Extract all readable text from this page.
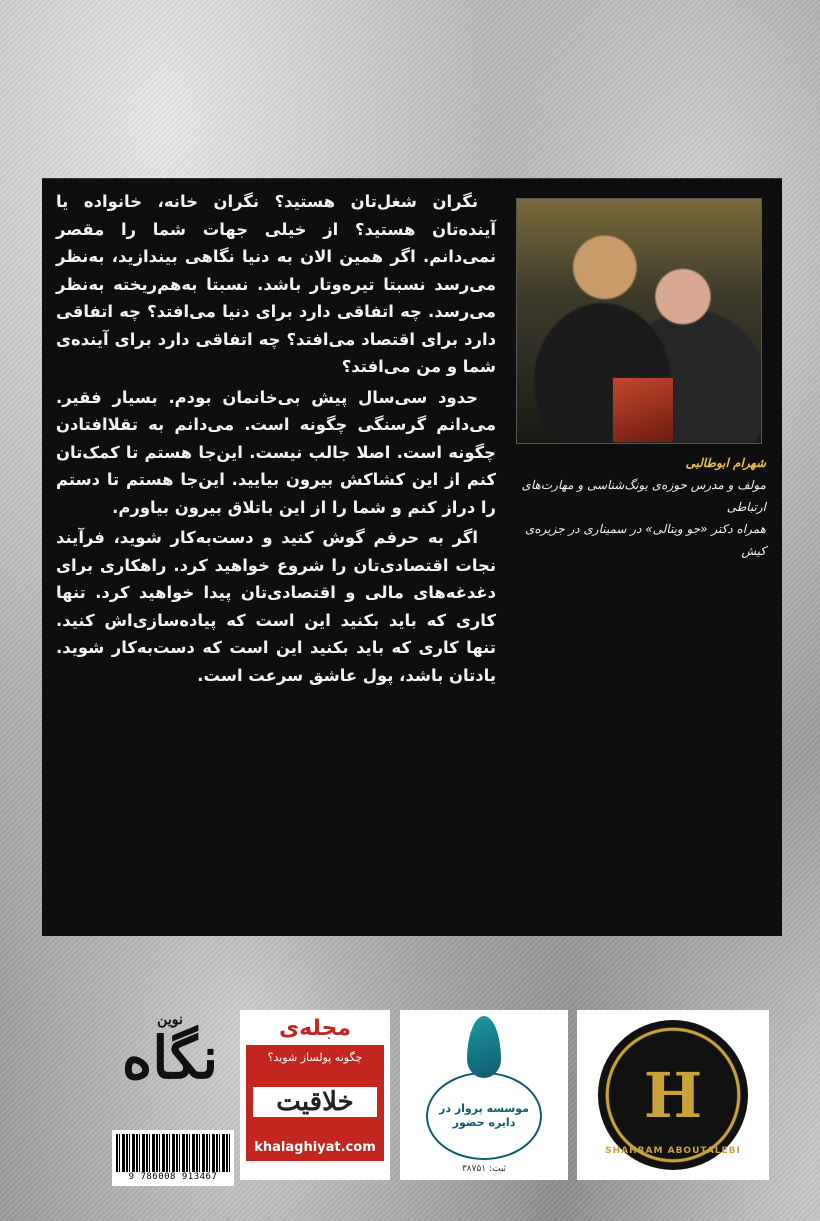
شهرام ابوطالبی
مولف و مدرس حوزه‌ی یونگ‌شناسی و مهارت‌های ارتباطی
همراه دکتر «جو ویتالی» در سمیناری در جزیره‌ی کیش

نگران شغل‌تان هستید؟ نگران خانه، خانواده یا آینده‌تان هستید؟ از خیلی جهات شما را مقصر نمی‌دانم. اگر همین الان به دنیا نگاهی بیندازید، به‌نظر می‌رسد نسبتا تیره‌وتار باشد. نسبتا به‌هم‌ریخته به‌نظر می‌رسد. چه اتفاقی دارد برای دنیا می‌افتد؟ چه اتفاقی دارد برای اقتصاد می‌افتد؟ چه اتفاقی دارد برای آینده‌ی شما و من می‌افتد؟

حدود سی‌سال پیش بی‌خانمان بودم. بسیار فقیر. می‌دانم گرسنگی چگونه است. می‌دانم به تقلاافتادن چگونه است. اصلا جالب نیست. این‌جا هستم تا کمک‌تان کنم از این کشاکش بیرون بیایید. این‌جا هستم تا دستم را دراز کنم و شما را از این باتلاق بیرون بیاورم.

اگر به حرفم گوش کنید و دست‌به‌کار شوید، فرآیند نجات اقتصادی‌تان را شروع خواهید کرد. راهکاری برای دغدغه‌های مالی و اقتصادی‌تان پیدا خواهید کرد. تنها کاری که باید بکنید این است که پیاده‌سازی‌اش کنید. تنها کاری که باید بکنید این است که دست‌به‌کار شوید. یادتان باشد، پول عاشق سرعت است.

H
SHAHRAM ABOUTALEBI
موسسه پرواز در دایره حضور
ثبت: ۳۸۷۵۱
مجله‌ی
چگونه پولساز شوید؟
خلاقیت
khalaghiyat.com
نوین
نگاه
9 786008 913467
